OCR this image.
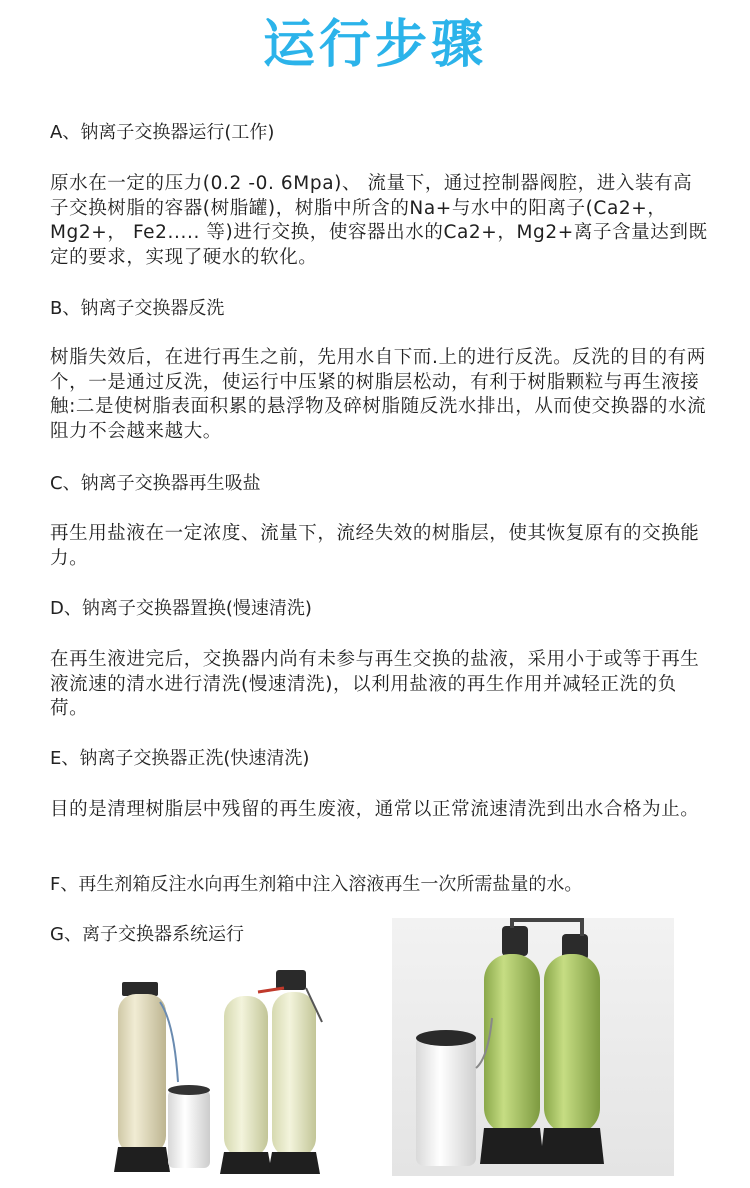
运行步骤
A、钠离子交换器运行(工作)
原水在一定的压力(0.2 -0. 6Mpa)、 流量下，通过控制器阀腔，进入装有高子交换树脂的容器(树脂罐)，树脂中所含的Na+与水中的阳离子(Ca2+，Mg2+， Fe2..... 等)进行交换，使容器出水的Ca2+，Mg2+离子含量达到既定的要求，实现了硬水的软化。
B、钠离子交换器反洗
树脂失效后，在进行再生之前，先用水自下而.上的进行反洗。反洗的目的有两个，一是通过反洗，使运行中压紧的树脂层松动，有利于树脂颗粒与再生液接触:二是使树脂表面积累的悬浮物及碎树脂随反洗水排出，从而使交换器的水流阻力不会越来越大。
C、钠离子交换器再生吸盐
再生用盐液在一定浓度、流量下，流经失效的树脂层，使其恢复原有的交换能力。
D、钠离子交换器置换(慢速清洗)
在再生液进完后，交换器内尚有未参与再生交换的盐液，采用小于或等于再生液流速的清水进行清洗(慢速清洗)，以利用盐液的再生作用并减轻正洗的负荷。
E、钠离子交换器正洗(快速清洗)
目的是清理树脂层中残留的再生废液，通常以正常流速清洗到出水合格为止。
F、再生剂箱反注水向再生剂箱中注入溶液再生一次所需盐量的水。
G、离子交换器系统运行
